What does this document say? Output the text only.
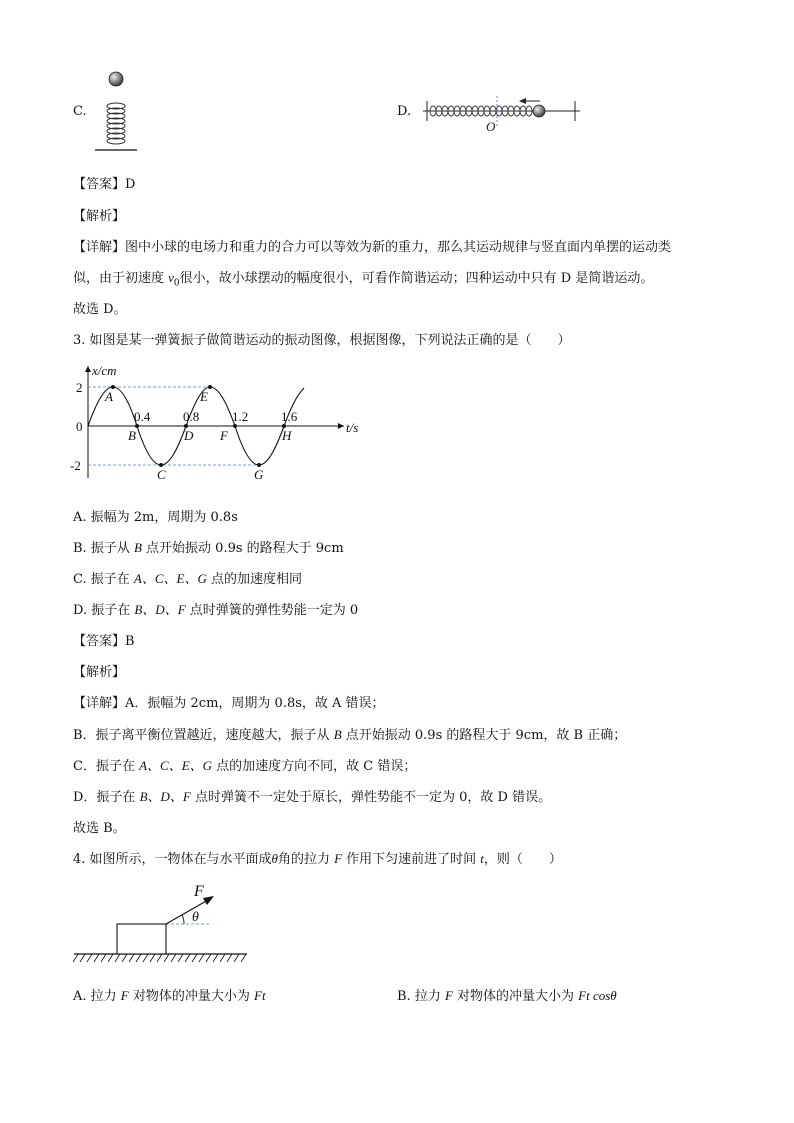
C.	D.
O
【答案】D
【解析】
【详解】图中小球的电场力和重力的合力可以等效为新的重力，那么其运动规律与竖直面内单摆的运动类
似，由于初速度 $v_0$很小，故小球摆动的幅度很小，可看作简谐运动；四种运动中只有 D 是简谐运动。
故选 D。
3. 如图是某一弹簧振子做简谐运动的振动图像，根据图像，下列说法正确的是（　　）
x/cm
t/s
2
0
-2
0.4	0.8	1.2	1.6
A
B
C
D
E
F
G
H
A. 振幅为 2m，周期为 0.8s
B. 振子从 B 点开始振动 0.9s 的路程大于 9cm
C. 振子在 A、C、E、G 点的加速度相同
D. 振子在 B、D、F 点时弹簧的弹性势能一定为 0
【答案】B
【解析】
【详解】A．振幅为 2cm，周期为 0.8s，故 A 错误；
B．振子离平衡位置越近，速度越大，振子从 B 点开始振动 0.9s 的路程大于 9cm，故 B 正确；
C．振子在 A、C、E、G 点的加速度方向不同，故 C 错误；
D．振子在 B、D、F 点时弹簧不一定处于原长，弹性势能不一定为 0，故 D 错误。
故选 B。
4. 如图所示，一物体在与水平面成θ角的拉力 F 作用下匀速前进了时间 t，则（　　）
F
θ
A. 拉力 F 对物体的冲量大小为 Ft	B. 拉力 F 对物体的冲量大小为 Ft cosθ
